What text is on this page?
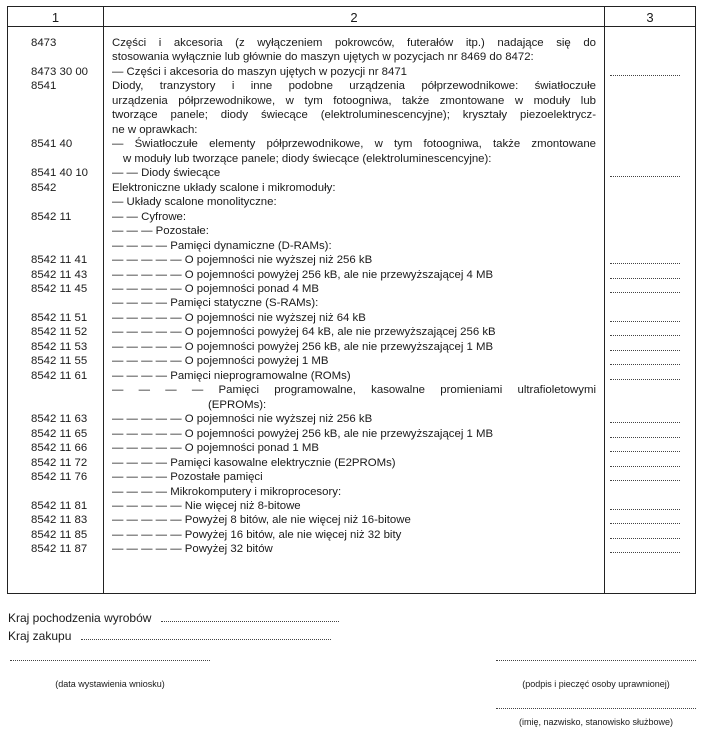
1	2	3
8473	Części i akcesoria (z wyłączeniem pokrowców, futerałów itp.) nadające się do
stosowania wyłącznie lub głównie do maszyn ujętych w pozycjach nr 8469 do 8472:
8473 30 00 — Części i akcesoria do maszyn ujętych w pozycji nr 8471
8541	Diody, tranzystory i inne podobne urządzenia półprzewodnikowe: światłoczułe
urządzenia półprzewodnikowe, w tym fotoogniwa, także zmontowane w moduły lub
tworzące panele; diody świecące (elektroluminescencyjne); kryształy piezoelektrycz-
ne w oprawkach:
8541 40	— Światłoczułe elementy półprzewodnikowe, w tym fotoogniwa, także zmontowane
w moduły lub tworzące panele; diody świecące (elektroluminescencyjne):
8541 40 10 — — Diody świecące
8542	Elektroniczne układy scalone i mikromoduły:
— Układy scalone monolityczne:
8542 11	— — Cyfrowe:
— — — Pozostałe:
— — — — Pamięci dynamiczne (D-RAMs):
8542 11 41 — — — — — O pojemności nie wyższej niż 256 kB
8542 11 43 — — — — — O pojemności powyżej 256 kB, ale nie przewyższającej 4 MB
8542 11 45 — — — — — O pojemności ponad 4 MB
— — — — Pamięci statyczne (S-RAMs):
8542 11 51 — — — — — O pojemności nie wyższej niż 64 kB
8542 11 52 — — — — — O pojemności powyżej 64 kB, ale nie przewyższającej 256 kB
8542 11 53 — — — — — O pojemności powyżej 256 kB, ale nie przewyższającej 1 MB
8542 11 55 — — — — — O pojemności powyżej 1 MB
8542 11 61 — — — — Pamięci nieprogramowalne (ROMs)
— — — — Pamięci programowalne, kasowalne promieniami ultrafioletowymi
(EPROMs):
8542 11 63 — — — — — O pojemności nie wyższej niż 256 kB
8542 11 65 — — — — — O pojemności powyżej 256 kB, ale nie przewyższającej 1 MB
8542 11 66 — — — — — O pojemności ponad 1 MB
8542 11 72 — — — — Pamięci kasowalne elektrycznie (E2PROMs)
8542 11 76 — — — — Pozostałe pamięci
— — — — Mikrokomputery i mikroprocesory:
8542 11 81 — — — — — Nie więcej niż 8-bitowe
8542 11 83 — — — — — Powyżej 8 bitów, ale nie więcej niż 16-bitowe
8542 11 85 — — — — — Powyżej 16 bitów, ale nie więcej niż 32 bity
8542 11 87 — — — — — Powyżej 32 bitów
Kraj pochodzenia wyrobów
Kraj zakupu
(data wystawienia wniosku)	(podpis i pieczęć osoby uprawnionej)
(imię, nazwisko, stanowisko służbowe)
